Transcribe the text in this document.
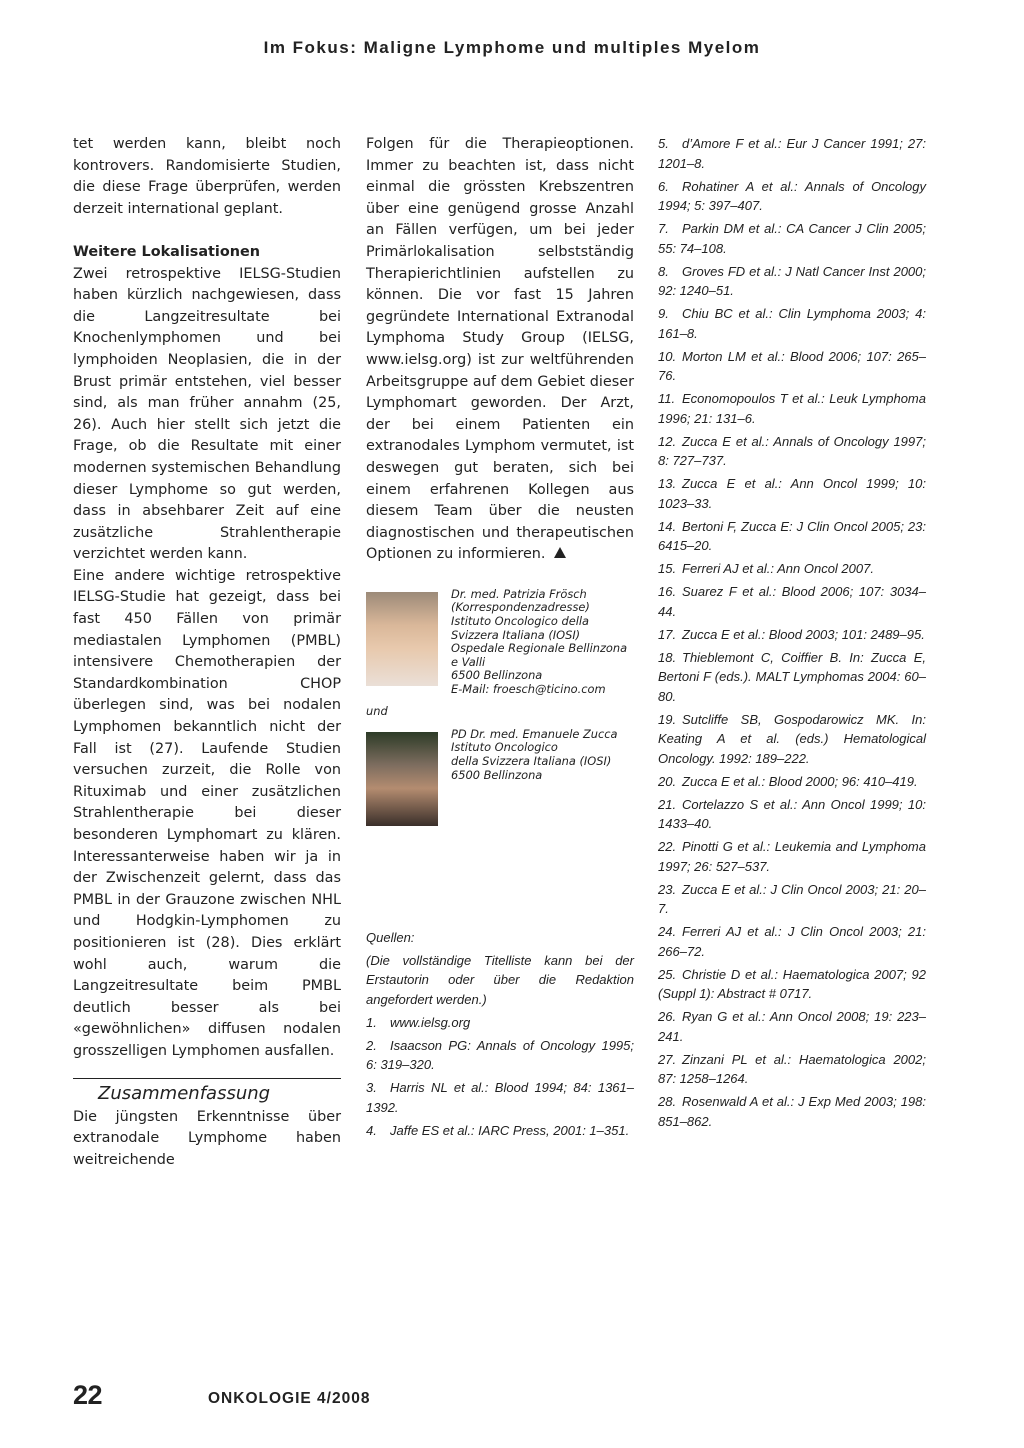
Im Fokus: Maligne Lymphome und multiples Myelom

tet werden kann, bleibt noch kontrovers. Randomisierte Studien, die diese Frage überprüfen, werden derzeit international geplant.

Weitere Lokalisationen

Zwei retrospektive IELSG-Studien haben kürzlich nachgewiesen, dass die Langzeitresultate bei Knochenlymphomen und bei lymphoiden Neoplasien, die in der Brust primär entstehen, viel besser sind, als man früher annahm (25, 26). Auch hier stellt sich jetzt die Frage, ob die Resultate mit einer modernen systemischen Behandlung dieser Lymphome so gut werden, dass in absehbarer Zeit auf eine zusätzliche Strahlentherapie verzichtet werden kann.

Eine andere wichtige retrospektive IELSG-Studie hat gezeigt, dass bei fast 450 Fällen von primär mediastalen Lymphomen (PMBL) intensivere Chemotherapien der Standardkombination CHOP überlegen sind, was bei nodalen Lymphomen bekanntlich nicht der Fall ist (27). Laufende Studien versuchen zurzeit, die Rolle von Rituximab und einer zusätzlichen Strahlentherapie bei dieser besonderen Lymphomart zu klären. Interessanterweise haben wir ja in der Zwischenzeit gelernt, dass das PMBL in der Grauzone zwischen NHL und Hodgkin-Lymphomen zu positionieren ist (28). Dies erklärt wohl auch, warum die Langzeitresultate beim PMBL deutlich besser als bei «gewöhnlichen» diffusen nodalen grosszelligen Lymphomen ausfallen.

Zusammenfassung

Die jüngsten Erkenntnisse über extranodale Lymphome haben weitreichende

Folgen für die Therapieoptionen. Immer zu beachten ist, dass nicht einmal die grössten Krebszentren über eine genügend grosse Anzahl an Fällen verfügen, um bei jeder Primärlokalisation selbstständig Therapierichtlinien aufstellen zu können. Die vor fast 15 Jahren gegründete International Extranodal Lymphoma Study Group (IELSG, www.ielsg.org) ist zur weltführenden Arbeitsgruppe auf dem Gebiet dieser Lymphomart geworden. Der Arzt, der bei einem Patienten ein extranodales Lymphom vermutet, ist deswegen gut beraten, sich bei einem erfahrenen Kollegen aus diesem Team über die neusten diagnostischen und therapeutischen Optionen zu informieren.

Dr. med. Patrizia Frösch
(Korrespondenzadresse)
Istituto Oncologico della
Svizzera Italiana (IOSI)
Ospedale Regionale Bellinzona
e Valli
6500 Bellinzona
E-Mail: froesch@ticino.com
und
PD Dr. med. Emanuele Zucca
Istituto Oncologico
della Svizzera Italiana (IOSI)
6500 Bellinzona

Quellen:

(Die vollständige Titelliste kann bei der Erstautorin oder über die Redaktion angefordert werden.)

1. www.ielsg.org

2. Isaacson PG: Annals of Oncology 1995; 6: 319–320.

3. Harris NL et al.: Blood 1994; 84: 1361–1392.

4. Jaffe ES et al.: IARC Press, 2001: 1–351.

5. d’Amore F et al.: Eur J Cancer 1991; 27: 1201–8.

6. Rohatiner A et al.: Annals of Oncology 1994; 5: 397–407.

7. Parkin DM et al.: CA Cancer J Clin 2005; 55: 74–108.

8. Groves FD et al.: J Natl Cancer Inst 2000; 92: 1240–51.

9. Chiu BC et al.: Clin Lymphoma 2003; 4: 161–8.

10. Morton LM et al.: Blood 2006; 107: 265–76.

11. Economopoulos T et al.: Leuk Lymphoma 1996; 21: 131–6.

12. Zucca E et al.: Annals of Oncology 1997; 8: 727–737.

13. Zucca E et al.: Ann Oncol 1999; 10: 1023–33.

14. Bertoni F, Zucca E: J Clin Oncol 2005; 23: 6415–20.

15. Ferreri AJ et al.: Ann Oncol 2007.

16. Suarez F et al.: Blood 2006; 107: 3034–44.

17. Zucca E et al.: Blood 2003; 101: 2489–95.

18. Thieblemont C, Coiffier B. In: Zucca E, Bertoni F (eds.). MALT Lymphomas 2004: 60–80.

19. Sutcliffe SB, Gospodarowicz MK. In: Keating A et al. (eds.) Hematological Oncology. 1992: 189–222.

20. Zucca E et al.: Blood 2000; 96: 410–419.

21. Cortelazzo S et al.: Ann Oncol 1999; 10: 1433–40.

22. Pinotti G et al.: Leukemia and Lymphoma 1997; 26: 527–537.

23. Zucca E et al.: J Clin Oncol 2003; 21: 20–7.

24. Ferreri AJ et al.: J Clin Oncol 2003; 21: 266–72.

25. Christie D et al.: Haematologica 2007; 92 (Suppl 1): Abstract # 0717.

26. Ryan G et al.: Ann Oncol 2008; 19: 223–241.

27. Zinzani PL et al.: Haematologica 2002; 87: 1258–1264.

28. Rosenwald A et al.: J Exp Med 2003; 198: 851–862.

22	ONKOLOGIE 4/2008
